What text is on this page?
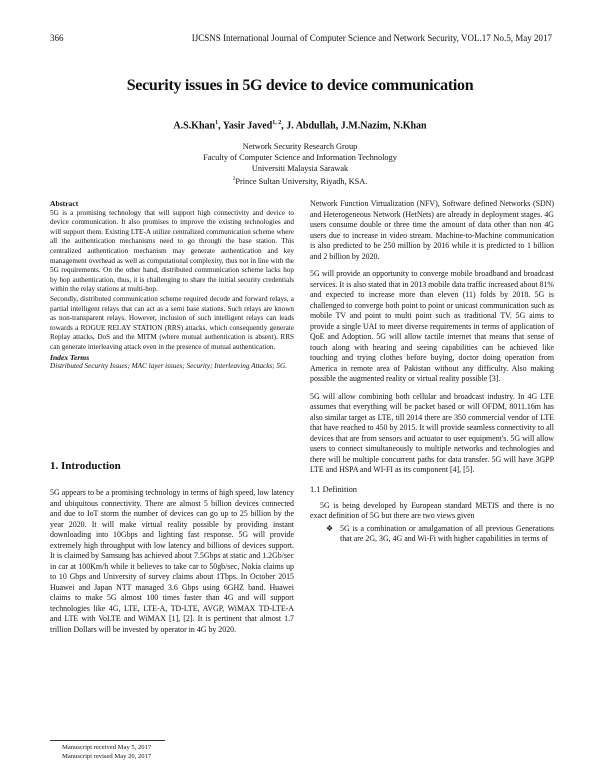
366	IJCSNS International Journal of Computer Science and Network Security, VOL.17 No.5, May 2017
Security issues in 5G device to device communication
A.S.Khan$^1$, Yasir Javed$^{1, 2}$, J. Abdullah, J.M.Nazim, N.Khan
Network Security Research Group
Faculty of Computer Science and Information Technology
Universiti Malaysia Sarawak
$^2$Prince Sultan University, Riyadh, KSA.
Abstract

5G is a promising technology that will support high connectivity and device to device communication. It also promises to improve the existing technologies and will support them. Existing LTE-A utilize centralized communication scheme where all the authentication mechanisms need to go through the base station. This centralized authentication mechanism may generate authentication and key management overhead as well as computational complexity, thus not in line with the 5G requirements. On the other hand, distributed communication scheme lacks hop by hop authentication, thus, it is challenging to share the initial security credentials within the relay stations at multi-hop.

Secondly, distributed communication scheme required decode and forward relays, a partial intelligent relays that can act as a semi base stations. Such relays are known as non-transparent relays. However, inclusion of such intelligent relays can leads towards a ROGUE RELAY STATION (RRS) attacks, which consequently generate Replay attacks, DoS and the MITM (where mutual authentication is absent). RRS can generate interleaving attack even in the presence of mutual authentication.

Index Terms

Distributed Security Issues; MAC layer issues; Security; Interleaving Attacks; 5G.

1. Introduction

5G appears to be a promising technology in terms of high speed, low latency and ubiquitous connectivity. There are almost 5 billion devices connected and due to IoT storm the number of devices can go up to 25 billion by the year 2020. It will make virtual reality possible by providing instant downloading into 10Gbps and lighting fast response. 5G will provide extremely high throughput with low latency and billions of devices support. It is claimed by Samsung has achieved about 7.5Gbps at static and 1.2Gb/sec in car at 100Km/h while it believes to take car to 50gb/sec, Nokia claims up to 10 Gbps and University of survey claims about 1Tbps. In October 2015 Huawei and Japan NTT managed 3.6 Gbps using 6GHZ band. Huawei claims to make 5G almost 100 times faster than 4G and will support technologies like 4G, LTE, LTE-A, TD-LTE, AVGP, WiMAX TD-LTE-A and LTE with VoLTE and WiMAX [1], [2]. It is pertinent that almost 1.7 trillion Dollars will be invested by operator in 4G by 2020.

Network Function Virtualization (NFV), Software defined Networks (SDN) and Heterogeneous Network (HetNets) are already in deployment stages. 4G users consume double or three time the amount of data other than non 4G users due to increase in video stream. Machine-to-Machine communication is also predicted to be 250 million by 2016 while it is predicted to 1 billion and 2 billion by 2020.

5G will provide an opportunity to converge mobile broadband and broadcast services. It is also stated that in 2013 mobile data traffic increased about 81% and expected to increase more than eleven (11) folds by 2018. 5G is challenged to converge both point to point or unicast communication such as mobile TV and point to multi point such as traditional TV. 5G aims to provide a single UAI to meet diverse requirements in terms of application of QoE and Adoption. 5G will allow tactile internet that means that sense of touch along with hearing and seeing capabilities can be achieved like touching and trying clothes before buying, doctor doing operation from America in remote area of Pakistan without any difficulty. Also making possible the augmented reality or virtual reality possible [3].

5G will allow combining both cellular and broadcast industry. In 4G LTE assumes that everything will be packet based or will OFDM, 8011.16m has also similar target as LTE, till 2014 there are 350 commercial vendor of LTE that have reached to 450 by 2015. It will provide seamless connectivity to all devices that are from sensors and actuator to user equipment's. 5G will allow users to connect simultaneously to multiple networks and technologies and there will be multiple concurrent paths for data transfer. 5G will have 3GPP LTE and HSPA and WI-FI as its component [4], [5].

1.1 Definition

5G is being developed by European standard METIS and there is no exact definition of 5G but there are two views given

❖ 5G is a combination or amalgamation of all previous Generations that are 2G, 3G, 4G and Wi-Fi with higher capabilities in terms of

Manuscript received May 5, 2017
Manuscript revised May 20, 2017
